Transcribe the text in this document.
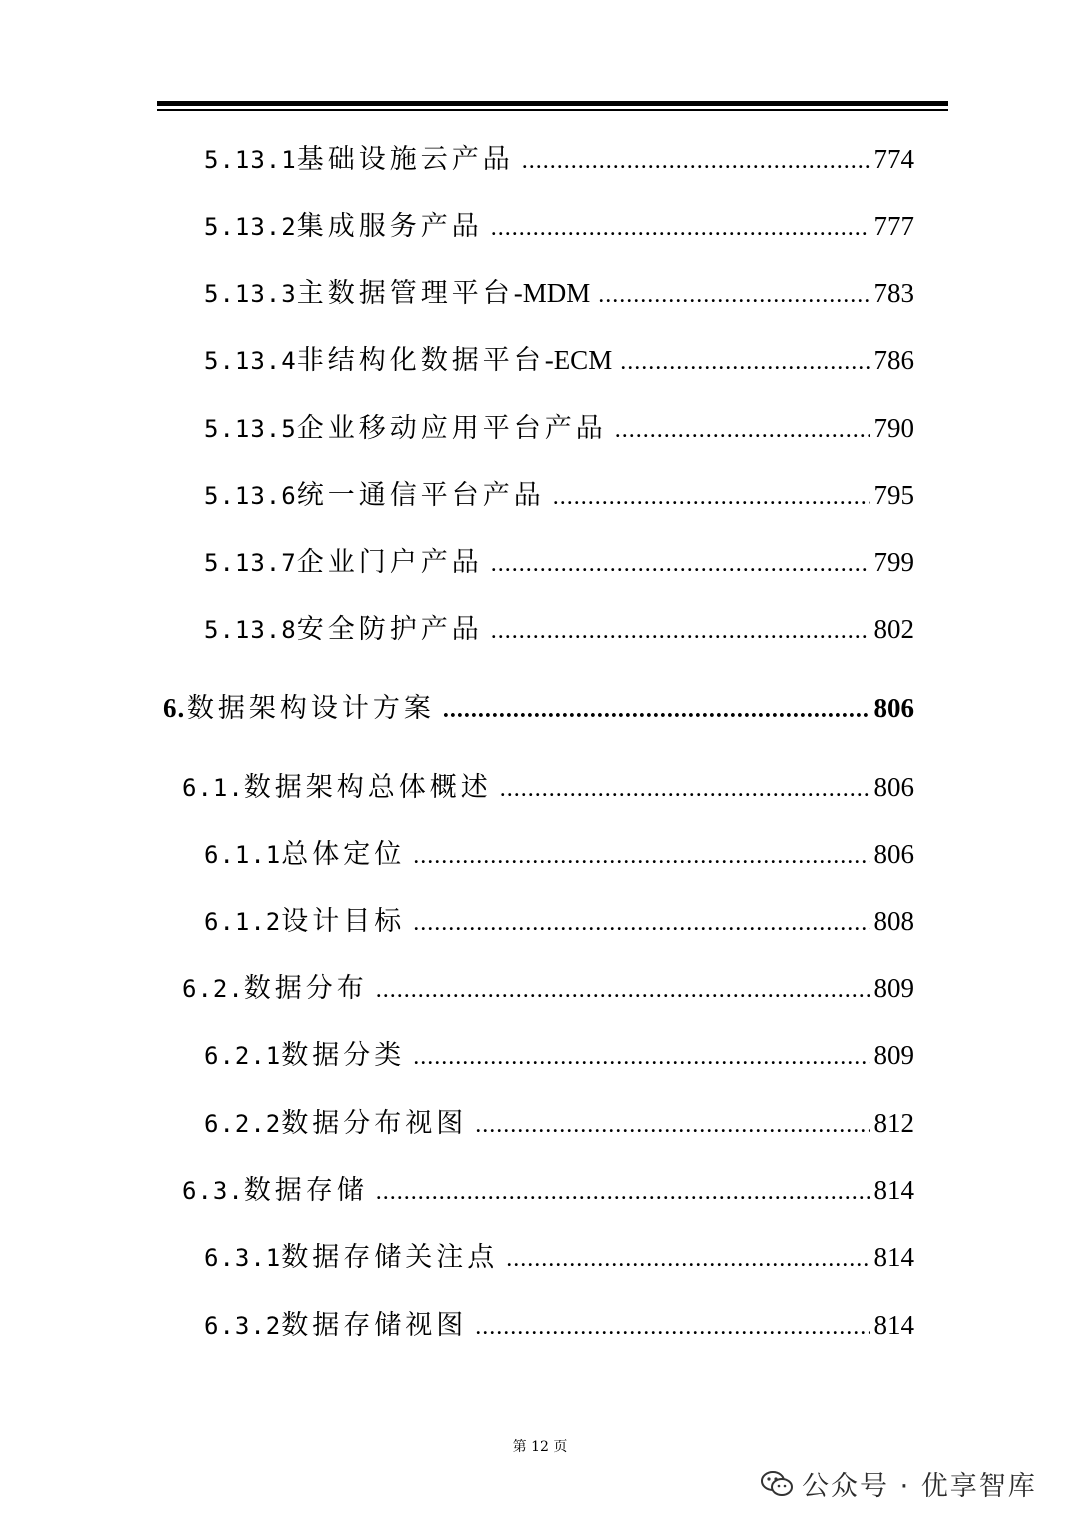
5.13.1 基础设施云产品 .....	774
5.13.2 集成服务产品 .....	777
5.13.3 主数据管理平台-MDM .....	783
5.13.4 非结构化数据平台-ECM .....	786
5.13.5 企业移动应用平台产品 .....	790
5.13.6 统一通信平台产品 .....	795
5.13.7 企业门户产品 .....	799
5.13.8 安全防护产品 .....	802
6. 数据架构设计方案 .....	806
6.1. 数据架构总体概述 .....	806
6.1.1 总体定位 .....	806
6.1.2 设计目标 .....	808
6.2. 数据分布 .....	809
6.2.1 数据分类 .....	809
6.2.2 数据分布视图 .....	812
6.3. 数据存储 .....	814
6.3.1 数据存储关注点 .....	814
6.3.2 数据存储视图 .....	814
第 12 页
公众号 · 优享智库
